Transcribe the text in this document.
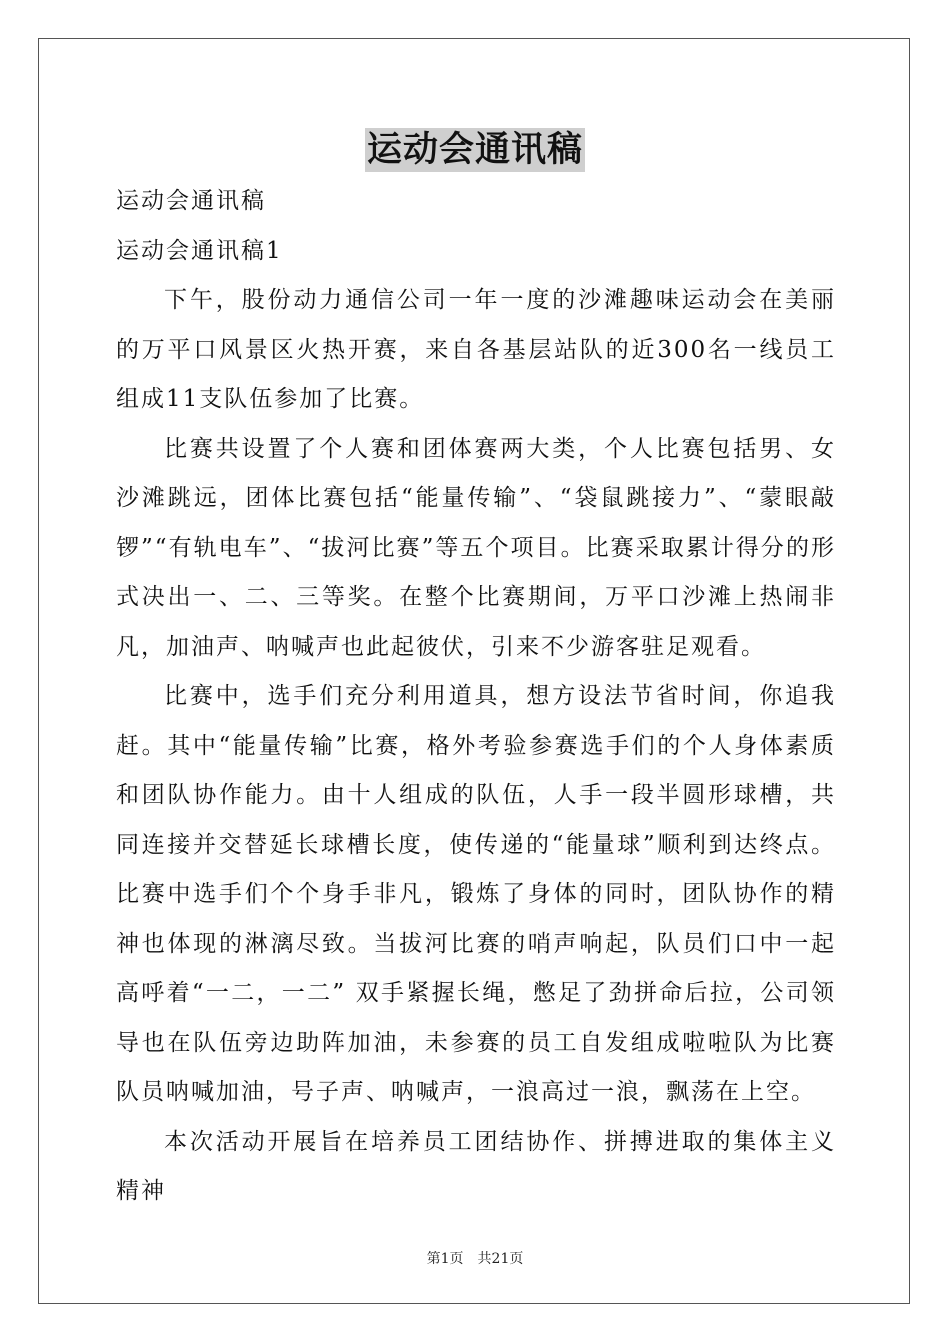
运动会通讯稿

运动会通讯稿

运动会通讯稿1

下午，股份动力通信公司一年一度的沙滩趣味运动会在美丽的万平口风景区火热开赛，来自各基层站队的近300名一线员工组成11支队伍参加了比赛。

比赛共设置了个人赛和团体赛两大类，个人比赛包括男、女沙滩跳远，团体比赛包括“能量传输”、“袋鼠跳接力”、“蒙眼敲锣”“有轨电车”、“拔河比赛”等五个项目。比赛采取累计得分的形式决出一、二、三等奖。在整个比赛期间，万平口沙滩上热闹非凡，加油声、呐喊声也此起彼伏，引来不少游客驻足观看。

比赛中，选手们充分利用道具，想方设法节省时间，你追我赶。其中“能量传输”比赛，格外考验参赛选手们的个人身体素质和团队协作能力。由十人组成的队伍，人手一段半圆形球槽，共同连接并交替延长球槽长度，使传递的“能量球”顺利到达终点。比赛中选手们个个身手非凡，锻炼了身体的同时，团队协作的精神也体现的淋漓尽致。当拔河比赛的哨声响起，队员们口中一起高呼着“一二，一二” 双手紧握长绳，憋足了劲拼命后拉，公司领导也在队伍旁边助阵加油，未参赛的员工自发组成啦啦队为比赛队员呐喊加油，号子声、呐喊声，一浪高过一浪，飘荡在上空。

本次活动开展旨在培养员工团结协作、拼搏进取的集体主义精神

第1页 共21页
